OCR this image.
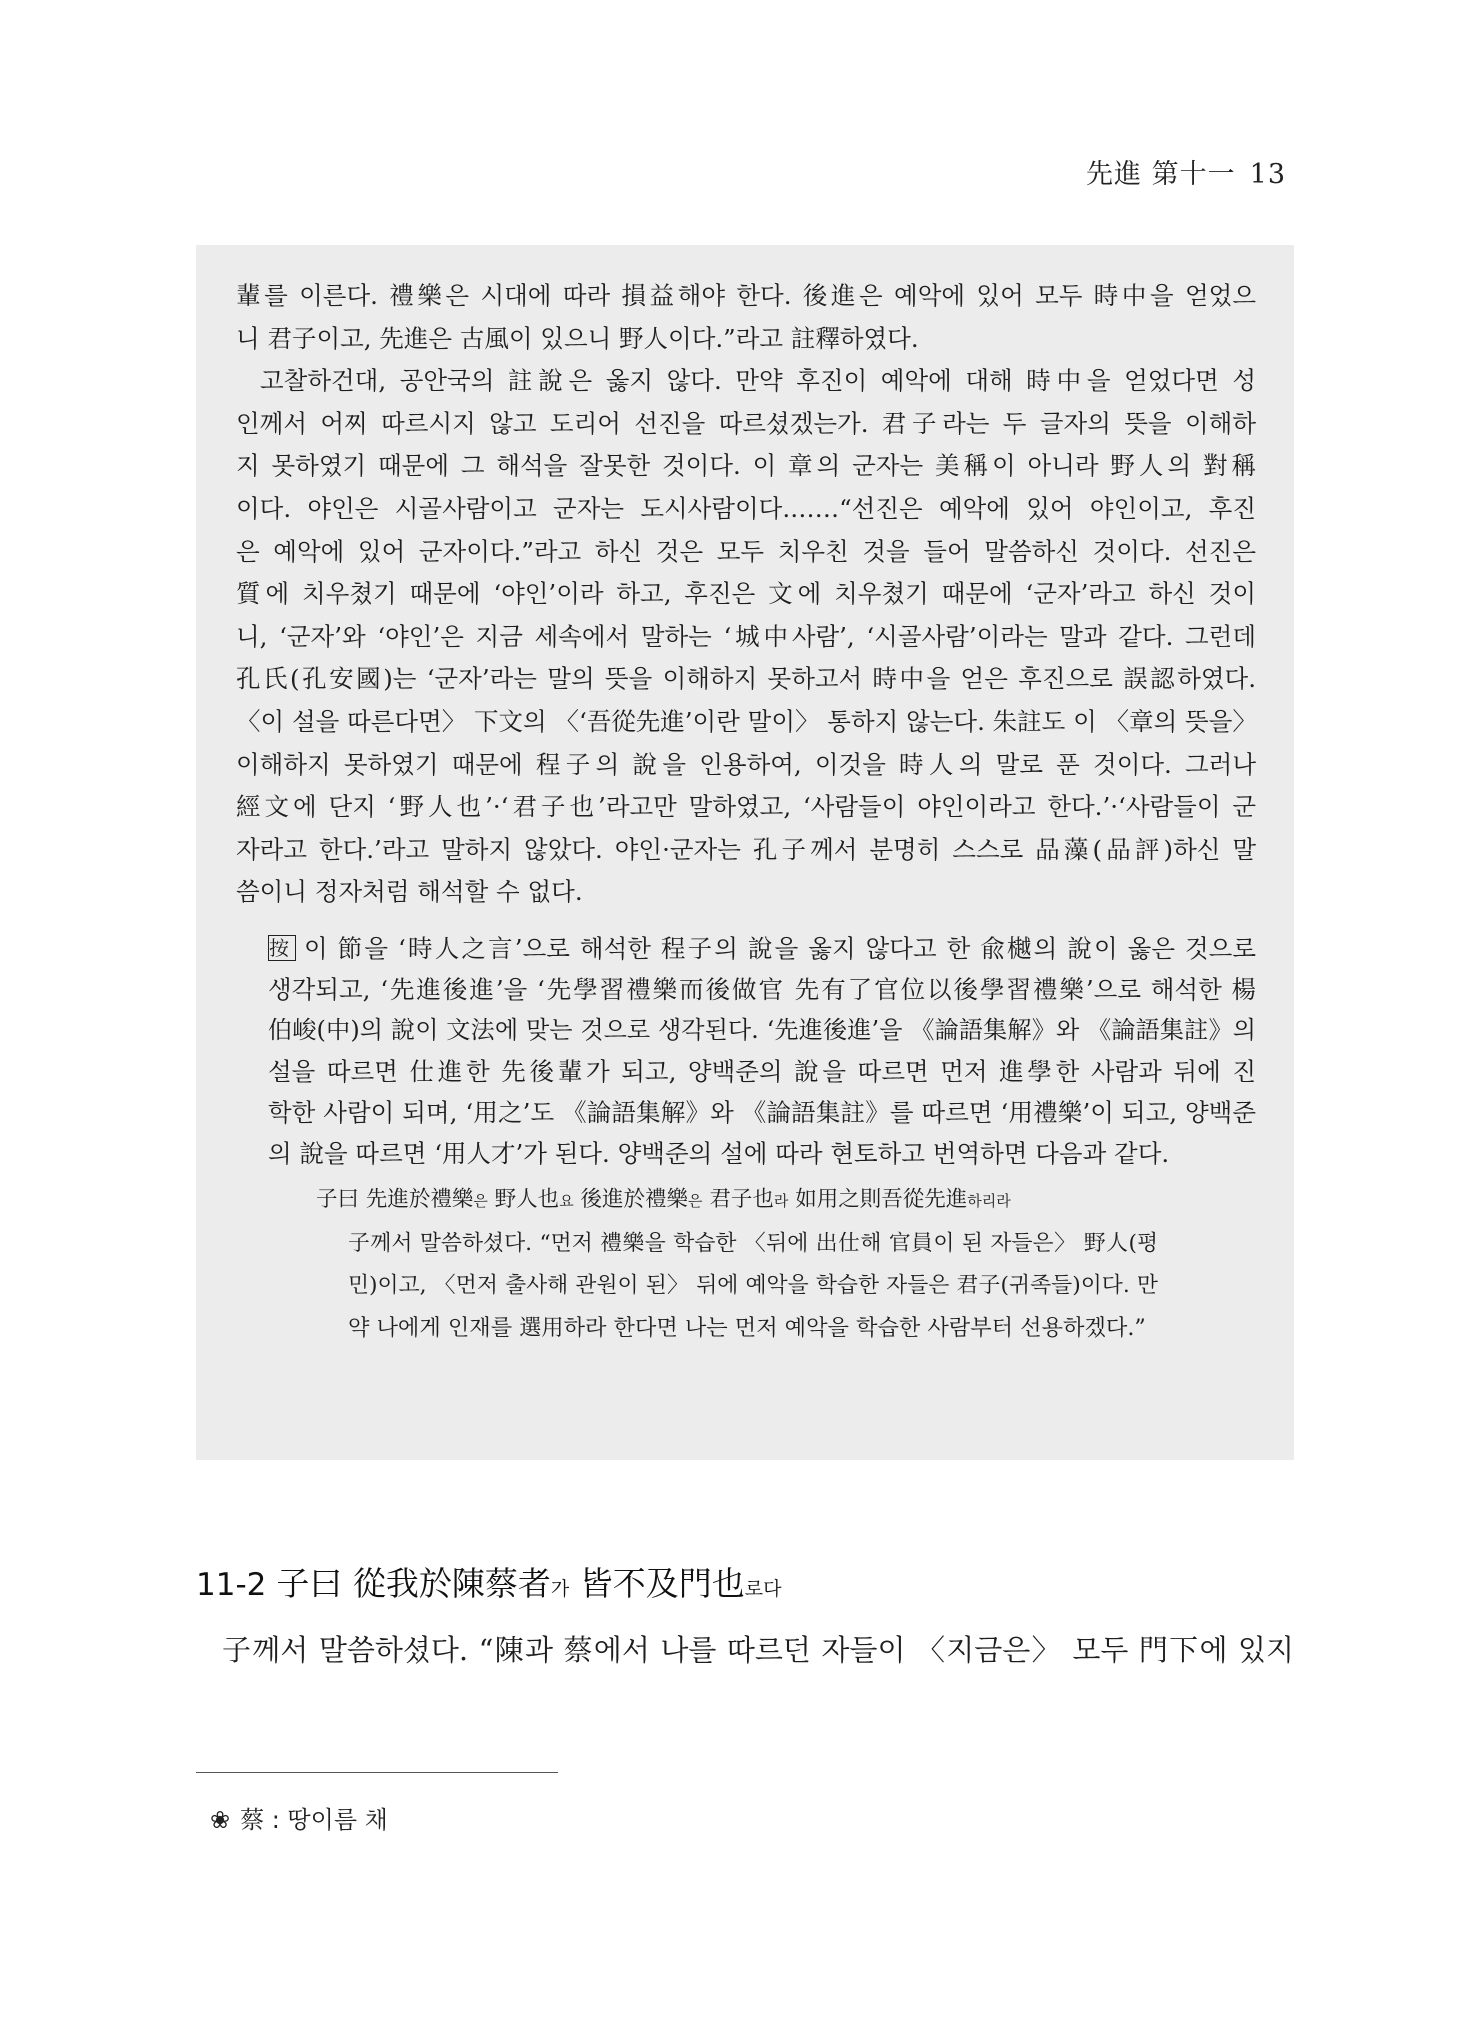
先進 第十一 13
輩를 이른다. 禮樂은 시대에 따라 損益해야 한다. 後進은 예악에 있어 모두 時中을 얻었으
니 君子이고, 先進은 古風이 있으니 野人이다.”라고 註釋하였다.
고찰하건대, 공안국의 註說은 옳지 않다. 만약 후진이 예악에 대해 時中을 얻었다면 성
인께서 어찌 따르시지 않고 도리어 선진을 따르셨겠는가. 君子라는 두 글자의 뜻을 이해하
지 못하였기 때문에 그 해석을 잘못한 것이다. 이 章의 군자는 美稱이 아니라 野人의 對稱
이다. 야인은 시골사람이고 군자는 도시사람이다.……“선진은 예악에 있어 야인이고, 후진
은 예악에 있어 군자이다.”라고 하신 것은 모두 치우친 것을 들어 말씀하신 것이다. 선진은
質에 치우쳤기 때문에 ‘야인’이라 하고, 후진은 文에 치우쳤기 때문에 ‘군자’라고 하신 것이
니, ‘군자’와 ‘야인’은 지금 세속에서 말하는 ‘城中사람’, ‘시골사람’이라는 말과 같다. 그런데
孔氏(孔安國)는 ‘군자’라는 말의 뜻을 이해하지 못하고서 時中을 얻은 후진으로 誤認하였다.
〈이 설을 따른다면〉 下文의 〈‘吾從先進’이란 말이〉 통하지 않는다. 朱註도 이 〈章의 뜻을〉
이해하지 못하였기 때문에 程子의 說을 인용하여, 이것을 時人의 말로 푼 것이다. 그러나
經文에 단지 ‘野人也’·‘君子也’라고만 말하였고, ‘사람들이 야인이라고 한다.’·‘사람들이 군
자라고 한다.’라고 말하지 않았다. 야인·군자는 孔子께서 분명히 스스로 品藻(品評)하신 말
씀이니 정자처럼 해석할 수 없다.
按 이 節을 ‘時人之言’으로 해석한 程子의 說을 옳지 않다고 한 兪樾의 說이 옳은 것으로
생각되고, ‘先進後進’을 ‘先學習禮樂而後做官 先有了官位以後學習禮樂’으로 해석한 楊
伯峻(中)의 說이 文法에 맞는 것으로 생각된다. ‘先進後進’을 《論語集解》와 《論語集註》의
설을 따르면 仕進한 先後輩가 되고, 양백준의 說을 따르면 먼저 進學한 사람과 뒤에 진
학한 사람이 되며, ‘用之’도 《論語集解》와 《論語集註》를 따르면 ‘用禮樂’이 되고, 양백준
의 說을 따르면 ‘用人才’가 된다. 양백준의 설에 따라 현토하고 번역하면 다음과 같다.
子曰 先進於禮樂은 野人也요 後進於禮樂은 君子也라 如用之則吾從先進하리라
子께서 말씀하셨다. “먼저 禮樂을 학습한 〈뒤에 出仕해 官員이 된 자들은〉 野人(평
민)이고, 〈먼저 출사해 관원이 된〉 뒤에 예악을 학습한 자들은 君子(귀족들)이다. 만
약 나에게 인재를 選用하라 한다면 나는 먼저 예악을 학습한 사람부터 선용하겠다.”
11-2 子曰 從我於陳蔡者가 皆不及門也로다
子께서 말씀하셨다. “陳과 蔡에서 나를 따르던 자들이 〈지금은〉 모두 門下에 있지
❀ 蔡 : 땅이름 채
